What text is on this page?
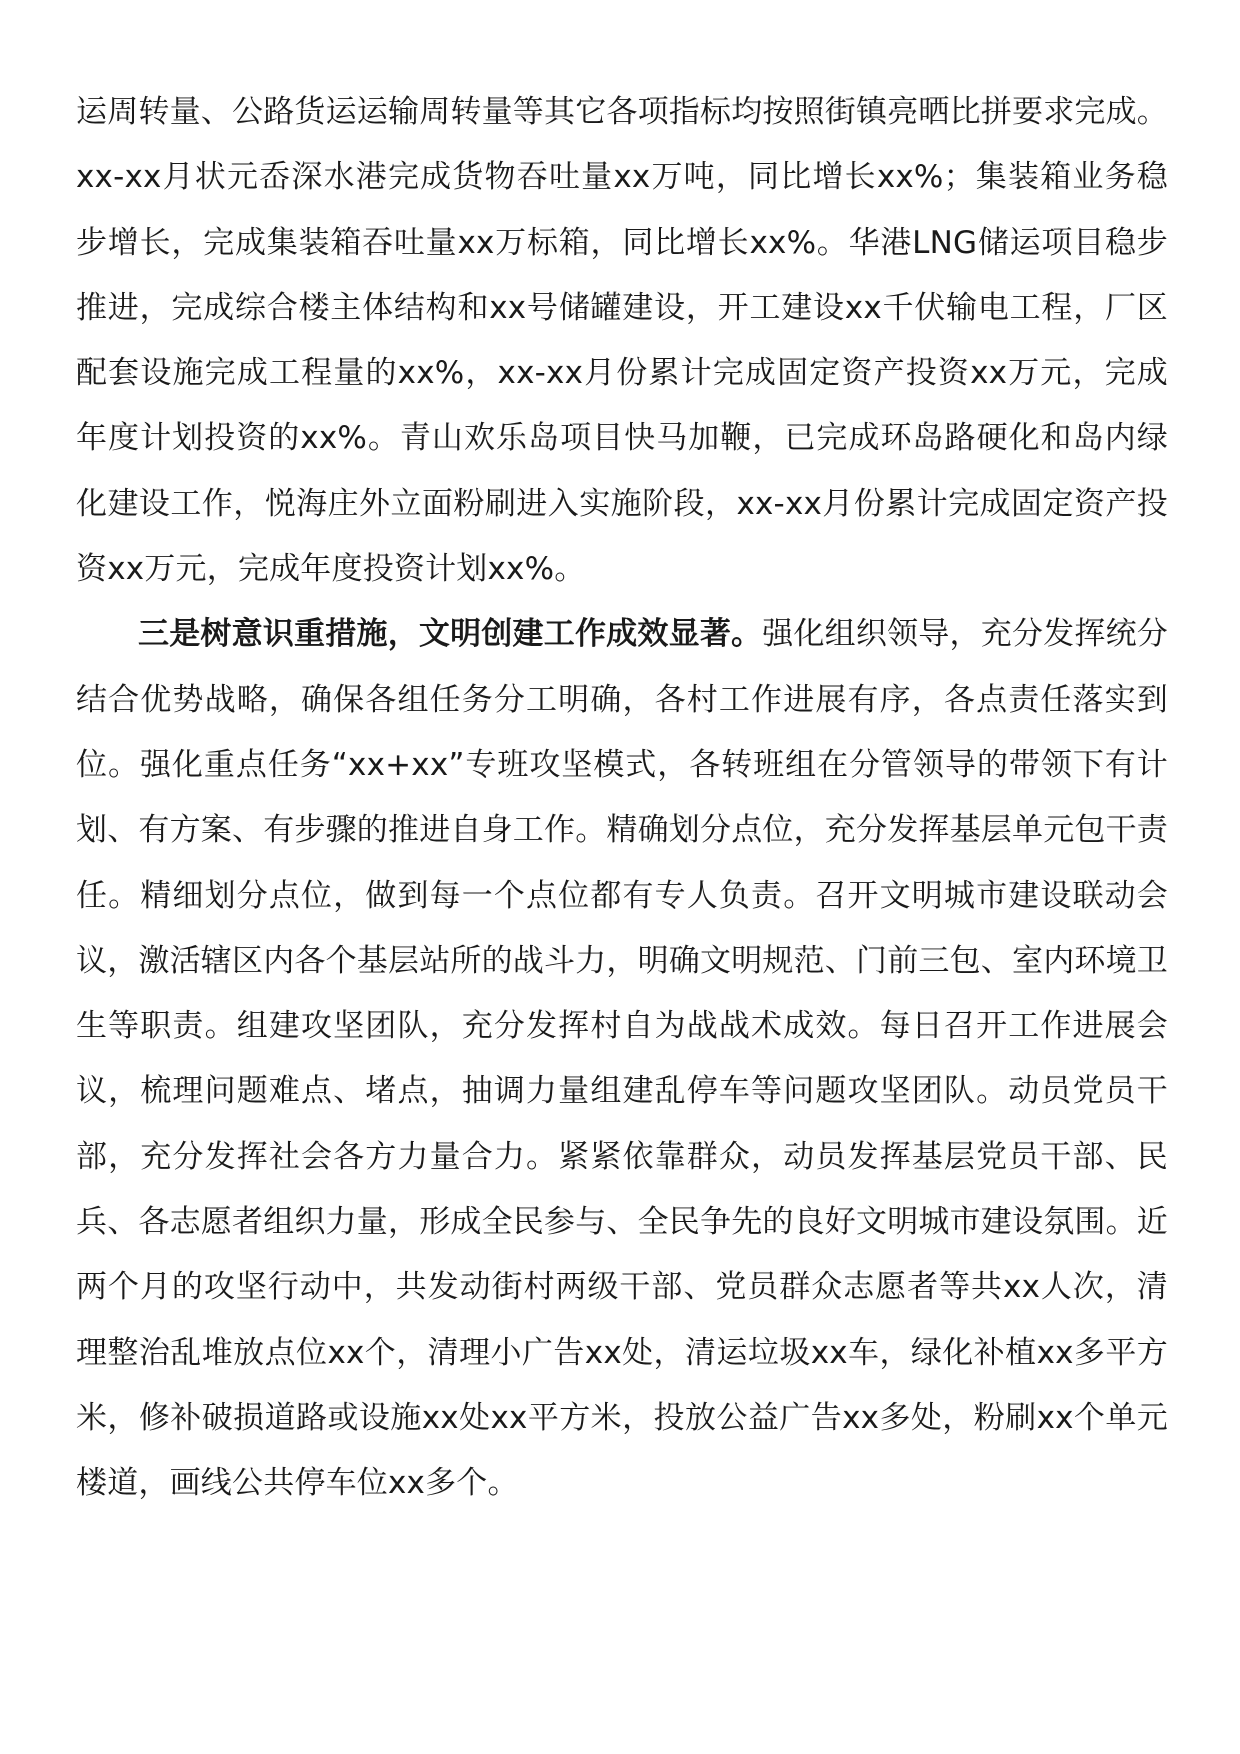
运周转量、公路货运运输周转量等其它各项指标均按照街镇亮晒比拼要求完成。xx-xx月状元岙深水港完成货物吞吐量xx万吨，同比增长xx%；集装箱业务稳步增长，完成集装箱吞吐量xx万标箱，同比增长xx%。华港LNG储运项目稳步推进，完成综合楼主体结构和xx号储罐建设，开工建设xx千伏输电工程，厂区配套设施完成工程量的xx%，xx-xx月份累计完成固定资产投资xx万元，完成年度计划投资的xx%。青山欢乐岛项目快马加鞭，已完成环岛路硬化和岛内绿化建设工作，悦海庄外立面粉刷进入实施阶段，xx-xx月份累计完成固定资产投资xx万元，完成年度投资计划xx%。

三是树意识重措施，文明创建工作成效显著。强化组织领导，充分发挥统分结合优势战略，确保各组任务分工明确，各村工作进展有序，各点责任落实到位。强化重点任务“xx+xx”专班攻坚模式，各转班组在分管领导的带领下有计划、有方案、有步骤的推进自身工作。精确划分点位，充分发挥基层单元包干责任。精细划分点位，做到每一个点位都有专人负责。召开文明城市建设联动会议，激活辖区内各个基层站所的战斗力，明确文明规范、门前三包、室内环境卫生等职责。组建攻坚团队，充分发挥村自为战战术成效。每日召开工作进展会议，梳理问题难点、堵点，抽调力量组建乱停车等问题攻坚团队。动员党员干部，充分发挥社会各方力量合力。紧紧依靠群众，动员发挥基层党员干部、民兵、各志愿者组织力量，形成全民参与、全民争先的良好文明城市建设氛围。近两个月的攻坚行动中，共发动街村两级干部、党员群众志愿者等共xx人次，清理整治乱堆放点位xx个，清理小广告xx处，清运垃圾xx车，绿化补植xx多平方米，修补破损道路或设施xx处xx平方米，投放公益广告xx多处，粉刷xx个单元楼道，画线公共停车位xx多个。
